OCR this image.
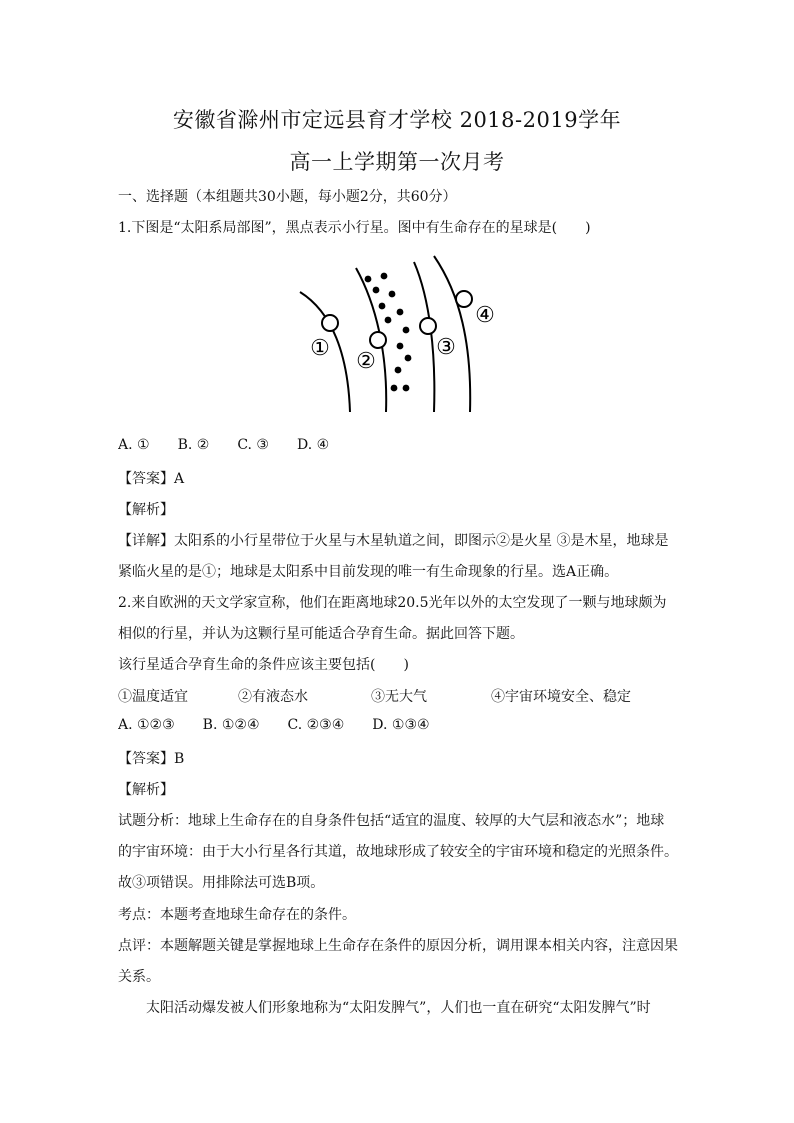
安徽省滁州市定远县育才学校 2018-2019学年
高一上学期第一次月考
一、选择题（本组题共30小题，每小题2分，共60分）
1.下图是“太阳系局部图”，黑点表示小行星。图中有生命存在的星球是(　　)
①
②
③
④
A. ① B. ② C. ③ D. ④
【答案】A
【解析】
【详解】太阳系的小行星带位于火星与木星轨道之间，即图示②是火星 ③是木星，地球是
紧临火星的是①；地球是太阳系中目前发现的唯一有生命现象的行星。选A正确。
2.来自欧洲的天文学家宣称，他们在距离地球20.5光年以外的太空发现了一颗与地球颇为
相似的行星，并认为这颗行星可能适合孕育生命。据此回答下题。
该行星适合孕育生命的条件应该主要包括(　　)
①温度适宜	②有液态水	③无大气	④宇宙环境安全、稳定
A. ①②③ B. ①②④ C. ②③④ D. ①③④
【答案】B
【解析】
试题分析：地球上生命存在的自身条件包括“适宜的温度、较厚的大气层和液态水”；地球
的宇宙环境：由于大小行星各行其道，故地球形成了较安全的宇宙环境和稳定的光照条件。
故③项错误。用排除法可选B项。
考点：本题考查地球生命存在的条件。
点评：本题解题关键是掌握地球上生命存在条件的原因分析，调用课本相关内容，注意因果
关系。
太阳活动爆发被人们形象地称为“太阳发脾气”，人们也一直在研究“太阳发脾气”时
